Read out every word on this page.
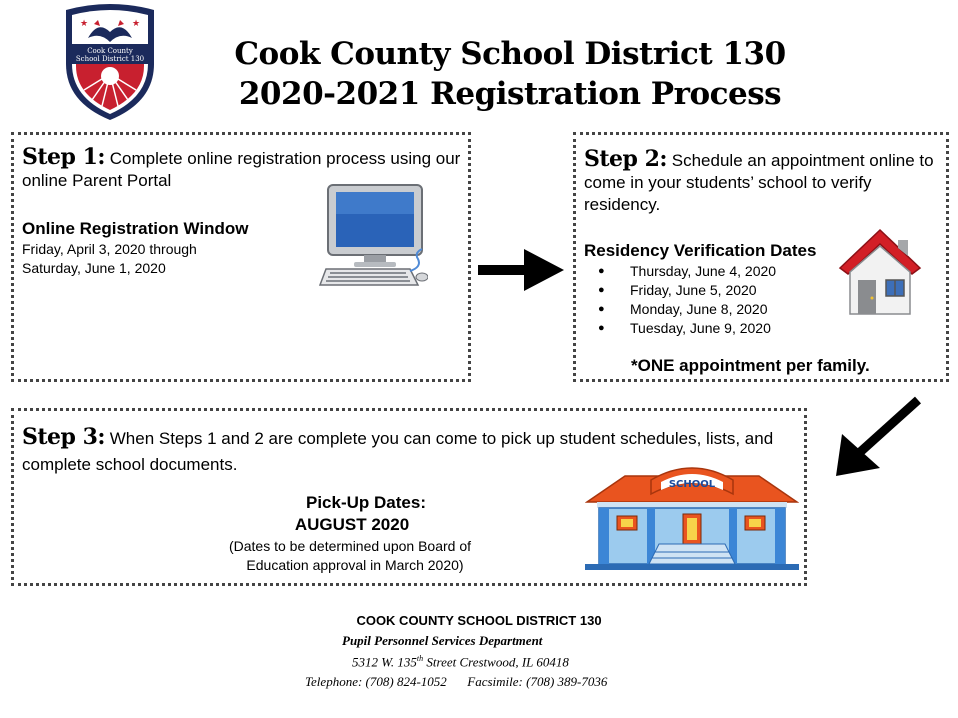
★	★
Cook County
School District 130	Cook County School District 130
2020-2021 Registration Process
Step 1: Complete online registration process using our online Parent Portal
Online Registration Window
Friday, April 3, 2020 through
Saturday, June 1, 2020
Step 2: Schedule an appointment online to come in your students’ school to verify residency.
Residency Verification Dates
● Thursday, June 4, 2020
● Friday, June 5, 2020
● Monday, June 8, 2020
● Tuesday, June 9, 2020
*ONE appointment per family.
Step 3: When Steps 1 and 2 are complete you can come to pick up student schedules, lists, and complete school documents.
Pick-Up Dates:
AUGUST 2020
(Dates to be determined upon Board of
Education approval in March 2020)
SCHOOL
COOK COUNTY SCHOOL DISTRICT 130
Pupil Personnel Services Department
5312 W. 135th Street Crestwood, IL 60418
Telephone: (708) 824-1052 Facsimile: (708) 389-7036
